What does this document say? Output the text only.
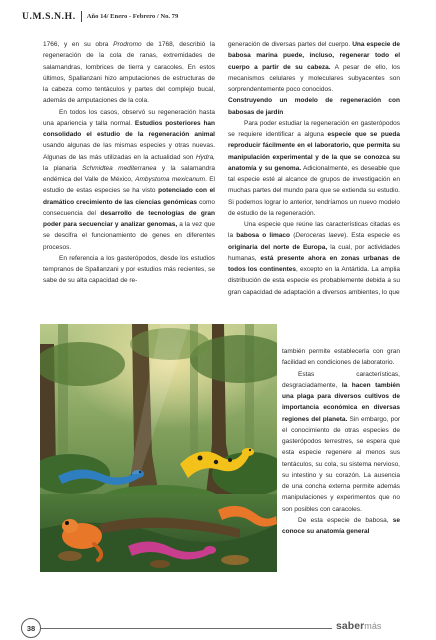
U.M.S.N.H. Año 14/ Enero - Febrero / No. 79

1766, y en su obra Prodromo de 1768, describió la regeneración de la cola de ranas, extremidades de salamandras, lombrices de tierra y caracoles. En estos últimos, Spallanzani hizo amputaciones de estructuras de la cabeza como tentáculos y partes del complejo bucal, además de amputaciones de la cola.

En todos los casos, observó su regeneración hasta una apariencia y talla normal. Estudios posteriores han consolidado el estudio de la regeneración animal usando algunas de las mismas especies y otras nuevas. Algunas de las más utilizadas en la actualidad son Hydra, la planaria Schmidtea mediterranea y la salamandra endémica del Valle de México, Ambystoma mexicanum. El estudio de estas especies se ha visto potenciado con el dramático crecimiento de las ciencias genómicas como consecuencia del desarrollo de tecnologías de gran poder para secuenciar y analizar genomas, a la vez que se descifra el funcionamiento de genes en diferentes procesos.

En referencia a los gasterópodos, desde los estudios tempranos de Spallanzani y por estudios más recientes, se sabe de su alta capacidad de re-

generación de diversas partes del cuerpo. Una especie de babosa marina puede, incluso, regenerar todo el cuerpo a partir de su cabeza. A pesar de ello, los mecanismos celulares y moleculares subyacentes son sorprendentemente poco conocidos.

Construyendo un modelo de regeneración con babosas de jardín

Para poder estudiar la regeneración en gasterópodos se requiere identificar a alguna especie que se pueda reproducir fácilmente en el laboratorio, que permita su manipulación experimental y de la que se conozca su anatomía y su genoma. Adicionalmente, es deseable que tal especie esté al alcance de grupos de investigación en muchas partes del mundo para que se extienda su estudio. Si podemos lograr lo anterior, tendríamos un nuevo modelo de estudio de la regeneración.

Una especie que reúne las características citadas es la babosa o limaco (Deroceras laeve). Esta especie es originaria del norte de Europa, la cual, por actividades humanas, está presente ahora en zonas urbanas de todos los continentes, excepto en la Antártida. La amplia distribución de esta especie es probablemente debida a su gran capacidad de adaptación a diversos ambientes, lo que

también permite establecerla con gran facilidad en condiciones de laboratorio.

Estas características, desgraciadamente, la hacen también una plaga para diversos cultivos de importancia económica en diversas regiones del planeta. Sin embargo, por el conocimiento de otras especies de gasterópodos terrestres, se espera que esta especie regenere al menos sus tentáculos, su cola, su sistema nervioso, su intestino y su corazón. La ausencia de una concha externa permite además manipulaciones y experimentos que no son posibles con caracoles.

De esta especie de babosa, se conoce su anatomía general

38	sabermás
